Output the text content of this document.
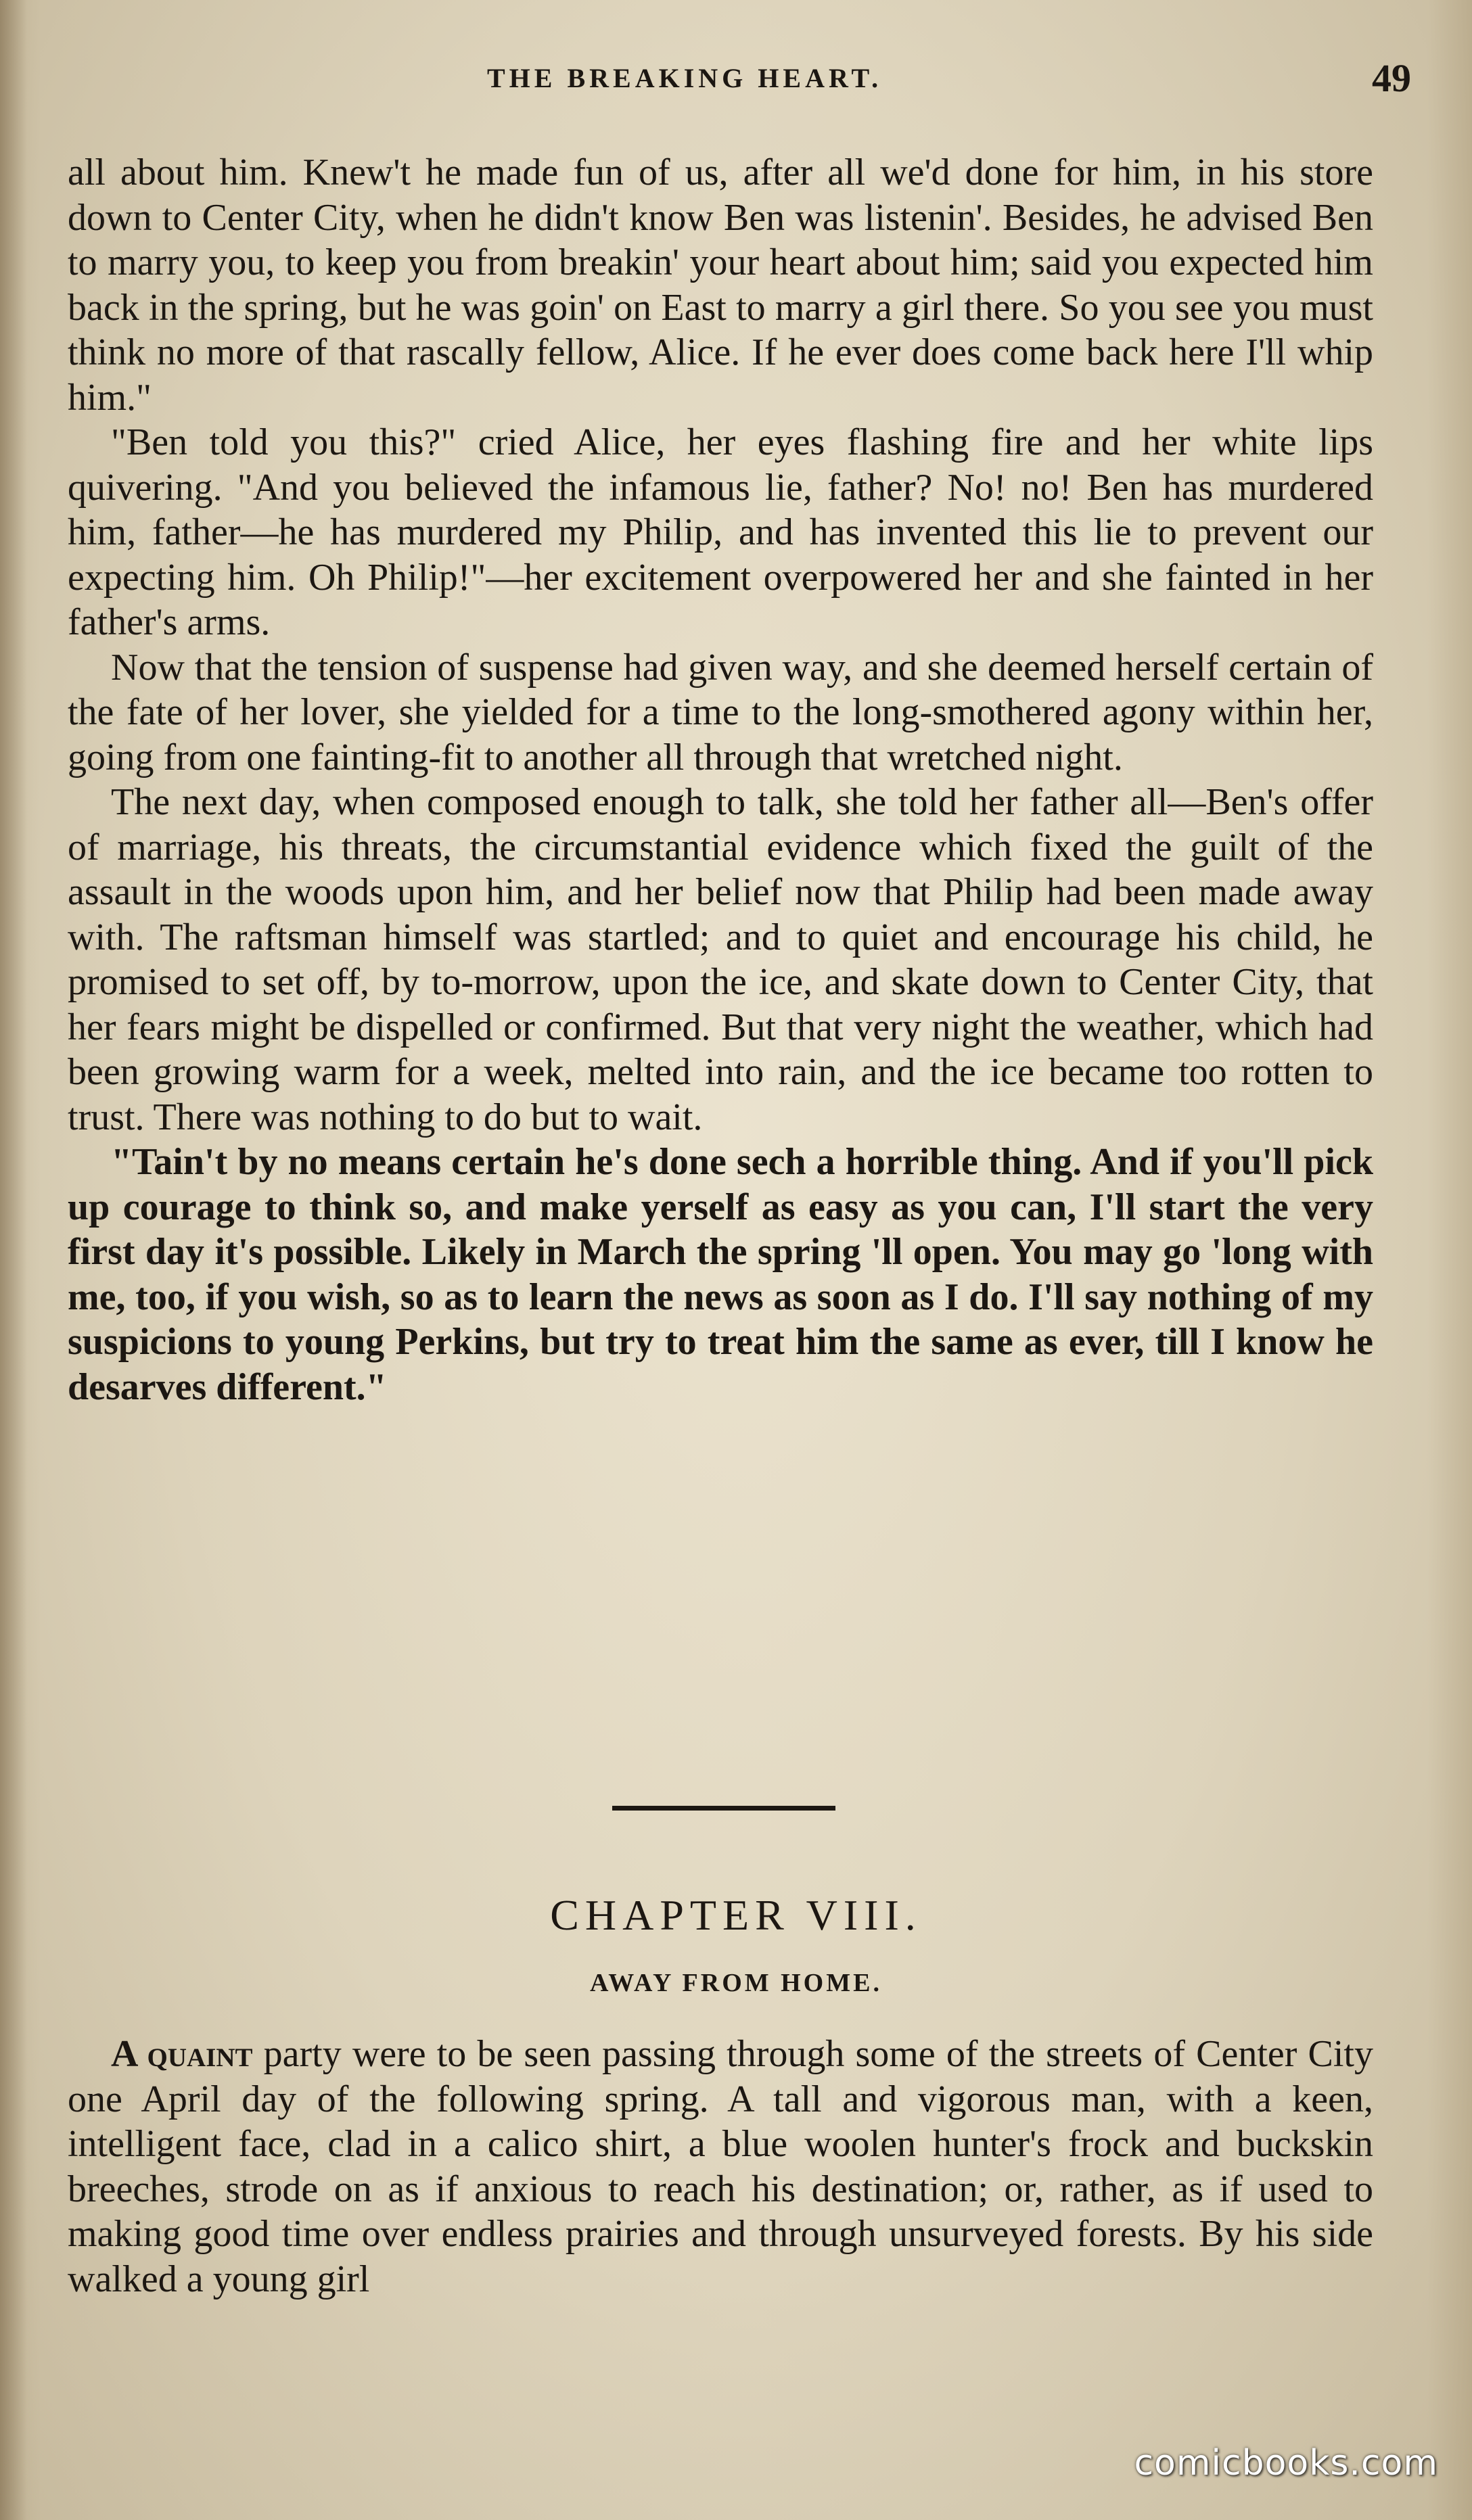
THE BREAKING HEART.	49

all about him. Knew't he made fun of us, after all we'd done for him, in his store down to Center City, when he didn't know Ben was listenin'. Besides, he advised Ben to marry you, to keep you from breakin' your heart about him; said you expected him back in the spring, but he was goin' on East to marry a girl there. So you see you must think no more of that rascally fellow, Alice. If he ever does come back here I'll whip him."

"Ben told you this?" cried Alice, her eyes flashing fire and her white lips quivering. "And you believed the infamous lie, father? No! no! Ben has murdered him, father—he has murdered my Philip, and has invented this lie to prevent our expecting him. Oh Philip!"—her excitement overpowered her and she fainted in her father's arms.

Now that the tension of suspense had given way, and she deemed herself certain of the fate of her lover, she yielded for a time to the long-smothered agony within her, going from one fainting-fit to another all through that wretched night.

The next day, when composed enough to talk, she told her father all—Ben's offer of marriage, his threats, the circumstantial evidence which fixed the guilt of the assault in the woods upon him, and her belief now that Philip had been made away with. The raftsman himself was startled; and to quiet and encourage his child, he promised to set off, by to-morrow, upon the ice, and skate down to Center City, that her fears might be dispelled or confirmed. But that very night the weather, which had been growing warm for a week, melted into rain, and the ice became too rotten to trust. There was nothing to do but to wait.

"Tain't by no means certain he's done sech a horrible thing. And if you'll pick up courage to think so, and make yerself as easy as you can, I'll start the very first day it's possible. Likely in March the spring 'll open. You may go 'long with me, too, if you wish, so as to learn the news as soon as I do. I'll say nothing of my suspicions to young Perkins, but try to treat him the same as ever, till I know he desarves different."

CHAPTER VIII.
AWAY FROM HOME.

A quaint party were to be seen passing through some of the streets of Center City one April day of the following spring. A tall and vigorous man, with a keen, intelligent face, clad in a calico shirt, a blue woolen hunter's frock and buckskin breeches, strode on as if anxious to reach his destination; or, rather, as if used to making good time over endless prairies and through unsurveyed forests. By his side walked a young girl

comicbooks.com
